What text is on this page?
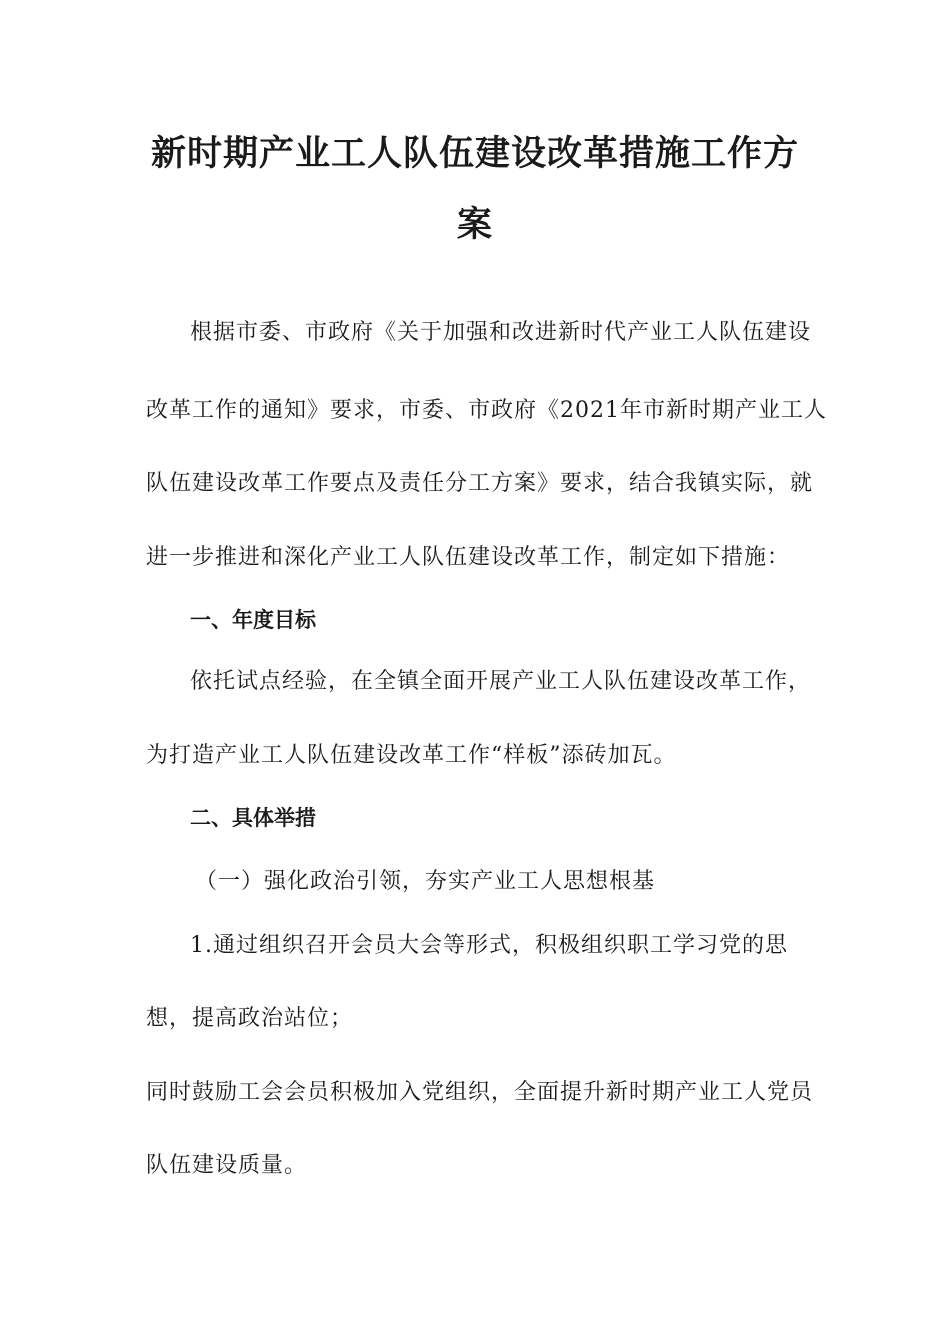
新时期产业工人队伍建设改革措施工作方
案
根据市委、市政府《关于加强和改进新时代产业工人队伍建设
改革工作的通知》要求，市委、市政府《2021年市新时期产业工人
队伍建设改革工作要点及责任分工方案》要求，结合我镇实际，就
进一步推进和深化产业工人队伍建设改革工作，制定如下措施：
一、年度目标
依托试点经验，在全镇全面开展产业工人队伍建设改革工作，
为打造产业工人队伍建设改革工作“样板”添砖加瓦。
二、具体举措
（一）强化政治引领，夯实产业工人思想根基
1.通过组织召开会员大会等形式，积极组织职工学习党的思
想，提高政治站位；
同时鼓励工会会员积极加入党组织，全面提升新时期产业工人党员
队伍建设质量。
